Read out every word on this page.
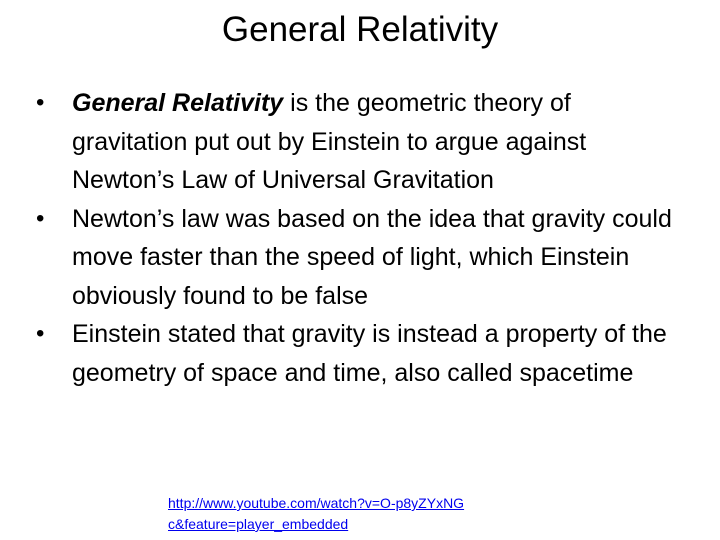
General Relativity
•	General Relativity is the geometric theory of gravitation put out by Einstein to argue against Newton’s Law of Universal Gravitation
•	Newton’s law was based on the idea that gravity could move faster than the speed of light, which Einstein obviously found to be false
•	Einstein stated that gravity is instead a property of the geometry of space and time, also called spacetime
http://www.youtube.com/watch?v=O-p8yZYxNGc&feature=player_embedded
